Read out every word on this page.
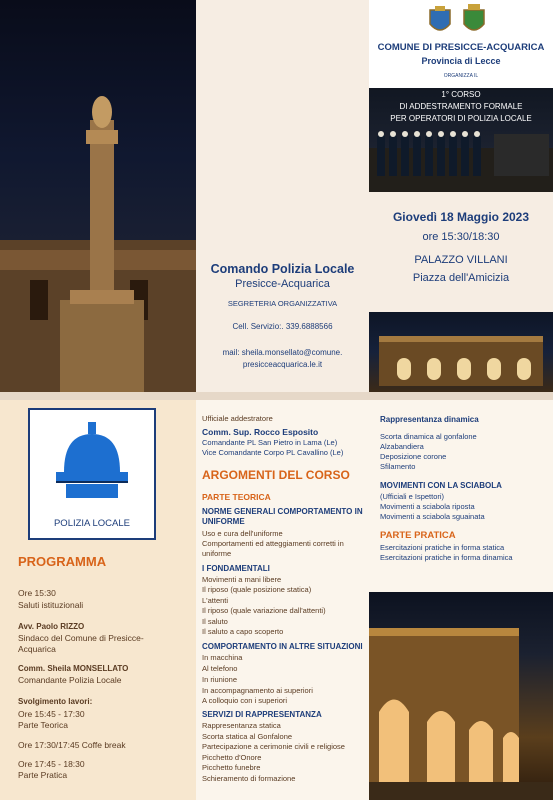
COMUNE DI PRESICCE-ACQUARICA
Provincia di Lecce
ORGANIZZA IL
1° CORSO
DI ADDESTRAMENTO FORMALE
PER OPERATORI DI POLIZIA LOCALE
Giovedì 18 Maggio 2023
ore 15:30/18:30
PALAZZO VILLANI
Piazza dell'Amicizia
Comando Polizia Locale
Presicce-Acquarica
SEGRETERIA ORGANIZZATIVA
Cell. Servizio:. 339.6888566
mail: sheila.monsellato@comune.
presicceacquarica.le.it
POLIZIA LOCALE
PROGRAMMA
Ore 15:30
Saluti istituzionali
Avv. Paolo RIZZO
Sindaco del Comune di Presicce-
Acquarica
Comm. Sheila MONSELLATO
Comandante Polizia Locale
Svolgimento lavori:
Ore 15:45 - 17:30
Parte Teorica
Ore 17:30/17:45 Coffe break
Ore 17:45 - 18:30
Parte Pratica
Ufficiale addestratore
Comm. Sup. Rocco Esposito
Comandante PL San Pietro in Lama (Le)
Vice Comandante Corpo PL Cavallino (Le)
ARGOMENTI DEL CORSO
PARTE TEORICA
NORME GENERALI COMPORTAMENTO IN
UNIFORME
Uso e cura dell'uniforme
Comportamenti ed atteggiamenti corretti in
uniforme
I FONDAMENTALI
Movimenti a mani libere
Il riposo (quale posizione statica)
L'attenti
Il riposo (quale variazione dall'attenti)
Il saluto
Il saluto a capo scoperto
COMPORTAMENTO IN ALTRE SITUAZIONI
In macchina
Al telefono
In riunione
In accompagnamento ai superiori
A colloquio con i superiori
SERVIZI DI RAPPRESENTANZA
Rappresentanza statica
Scorta statica al Gonfalone
Partecipazione a cerimonie civili e religiose
Picchetto d'Onore
Picchetto funebre
Schieramento di formazione
Rappresentanza dinamica
Scorta dinamica al gonfalone
Alzabandiera
Deposizione corone
Sfilamento
MOVIMENTI CON LA SCIABOLA
(Ufficiali e Ispettori)
Movimenti a sciabola riposta
Movimenti a sciabola sguainata
PARTE PRATICA
Esercitazioni pratiche in forma statica
Esercitazioni pratiche in forma dinamica
